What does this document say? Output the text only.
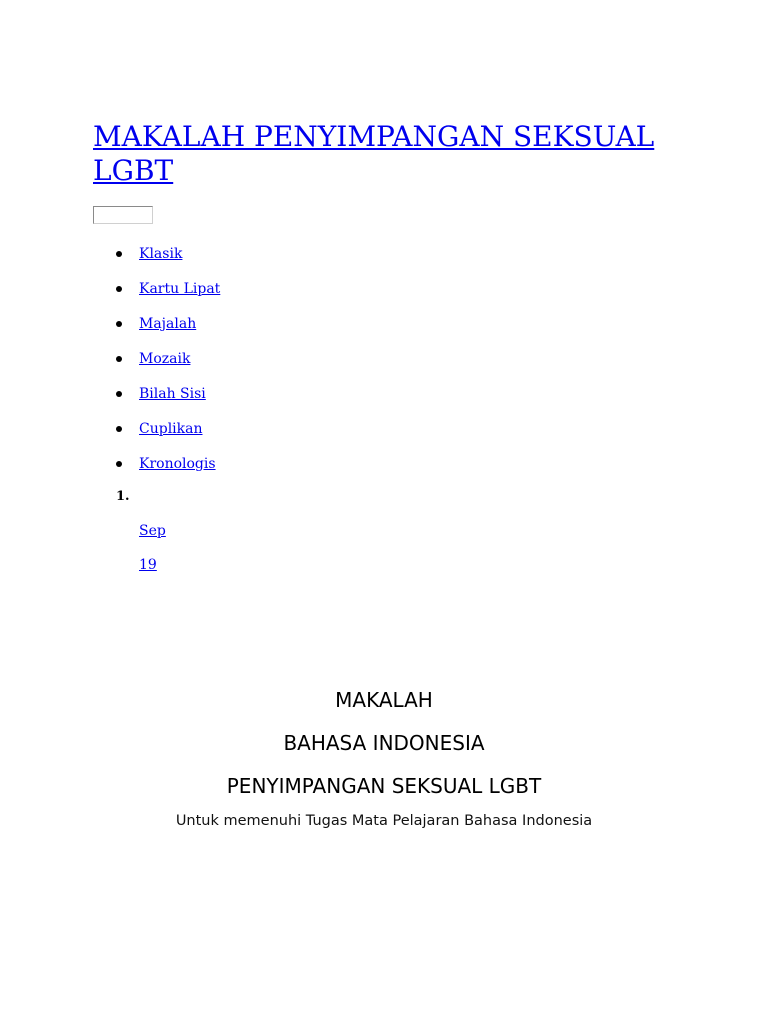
MAKALAH PENYIMPANGAN SEKSUAL LGBT
Klasik
Kartu Lipat
Majalah
Mozaik
Bilah Sisi
Cuplikan
Kronologis
1.
Sep
19
MAKALAH
BAHASA INDONESIA
PENYIMPANGAN SEKSUAL LGBT
Untuk memenuhi Tugas Mata Pelajaran Bahasa Indonesia
